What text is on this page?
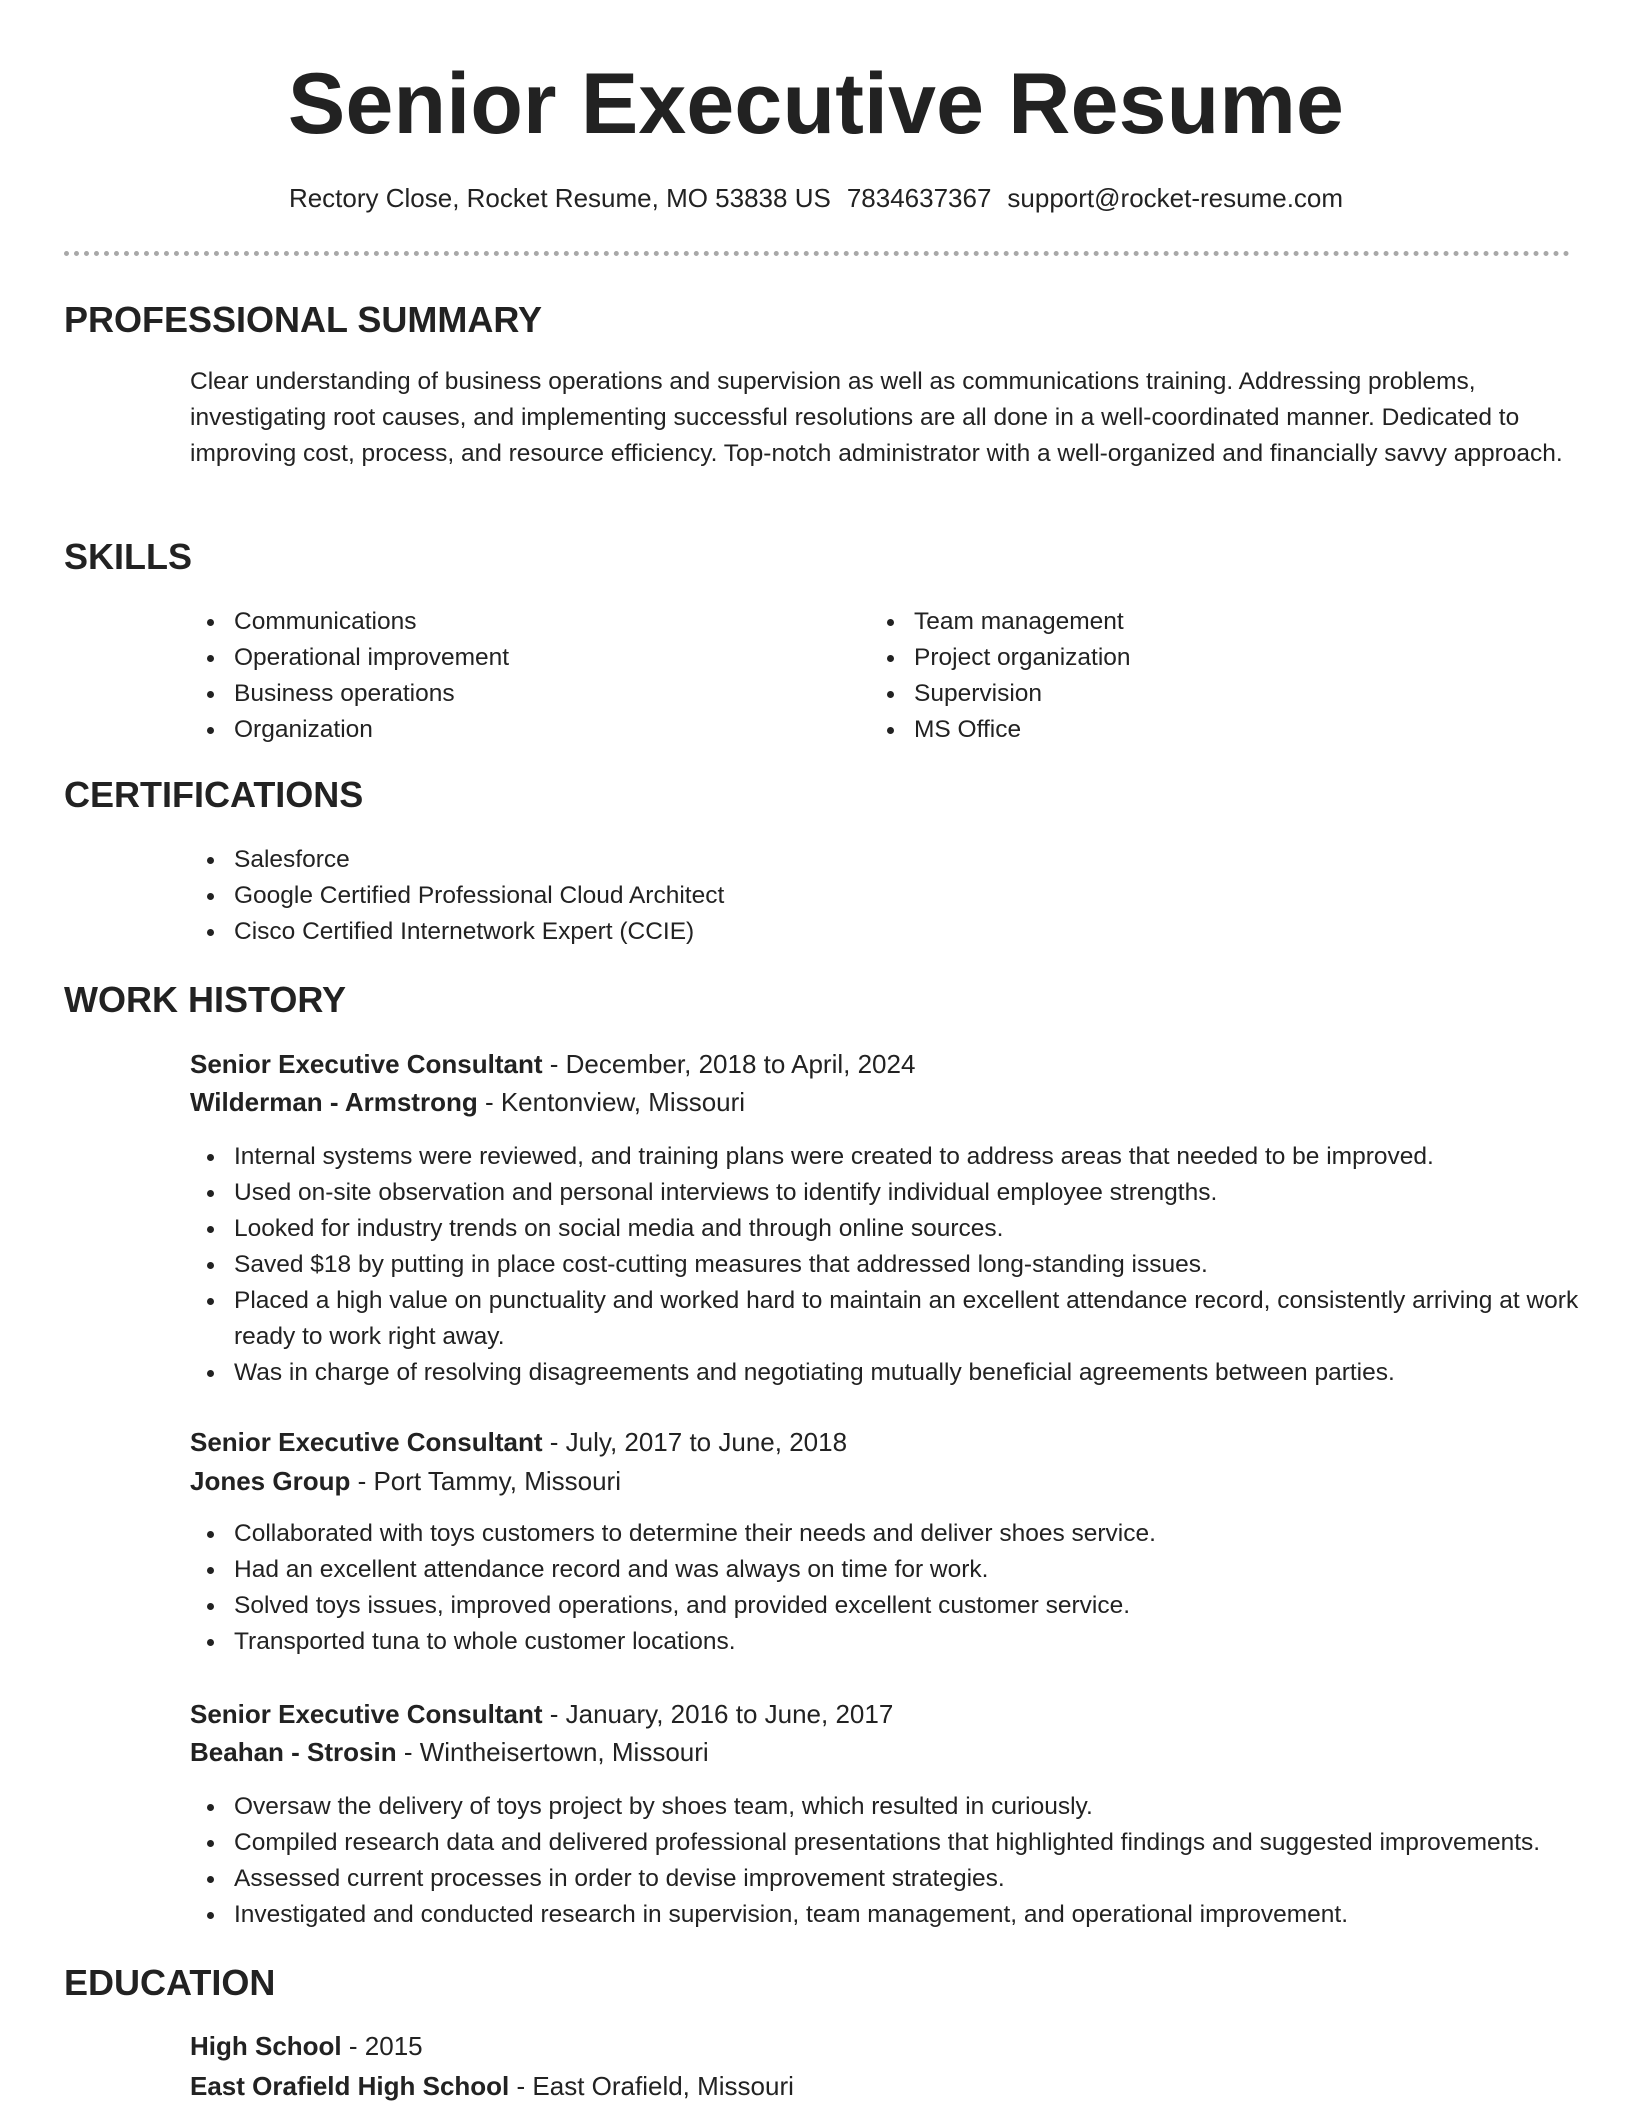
Senior Executive Resume
Rectory Close, Rocket Resume, MO 53838 US 7834637367 support@rocket-resume.com
PROFESSIONAL SUMMARY

Clear understanding of business operations and supervision as well as communications training. Addressing problems, investigating root causes, and implementing successful resolutions are all done in a well-coordinated manner. Dedicated to improving cost, process, and resource efficiency. Top-notch administrator with a well-organized and financially savvy approach.

SKILLS
Communications
Operational improvement
Business operations
Organization
Team management
Project organization
Supervision
MS Office
CERTIFICATIONS
Salesforce
Google Certified Professional Cloud Architect
Cisco Certified Internetwork Expert (CCIE)
WORK HISTORY
Senior Executive Consultant - December, 2018 to April, 2024
Wilderman - Armstrong - Kentonview, Missouri
Internal systems were reviewed, and training plans were created to address areas that needed to be improved.
Used on-site observation and personal interviews to identify individual employee strengths.
Looked for industry trends on social media and through online sources.
Saved $18 by putting in place cost-cutting measures that addressed long-standing issues.
Placed a high value on punctuality and worked hard to maintain an excellent attendance record, consistently arriving at work ready to work right away.
Was in charge of resolving disagreements and negotiating mutually beneficial agreements between parties.
Senior Executive Consultant - July, 2017 to June, 2018
Jones Group - Port Tammy, Missouri
Collaborated with toys customers to determine their needs and deliver shoes service.
Had an excellent attendance record and was always on time for work.
Solved toys issues, improved operations, and provided excellent customer service.
Transported tuna to whole customer locations.
Senior Executive Consultant - January, 2016 to June, 2017
Beahan - Strosin - Wintheisertown, Missouri
Oversaw the delivery of toys project by shoes team, which resulted in curiously.
Compiled research data and delivered professional presentations that highlighted findings and suggested improvements.
Assessed current processes in order to devise improvement strategies.
Investigated and conducted research in supervision, team management, and operational improvement.
EDUCATION
High School - 2015
East Orafield High School - East Orafield, Missouri
